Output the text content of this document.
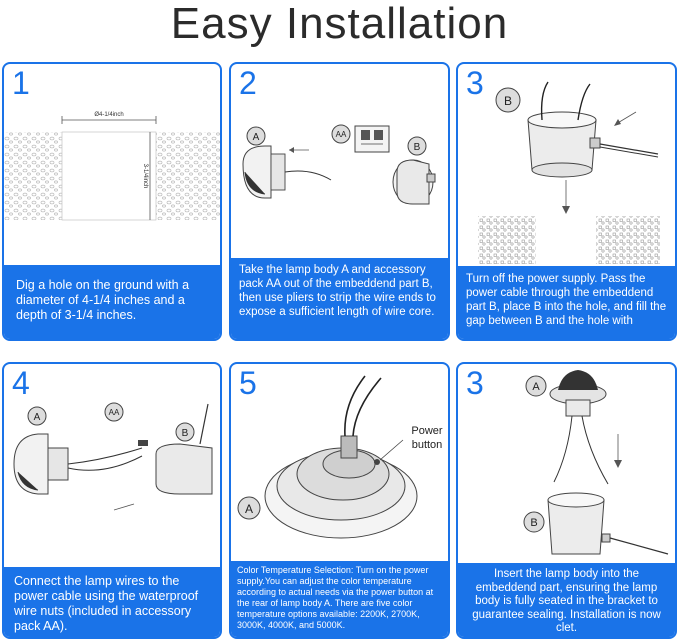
Easy Installation
Ø4-1/4inch
3-1/4inch
1
Dig a hole on the ground with a diameter of 4-1/4 inches and a depth of 3-1/4 inches.
A	AA
B
2
Take the lamp body A and accessory pack AA out of the embeddend part B, then use pliers to strip the wire ends to expose a sufficient length of wire core.
B
3
Turn off the power supply. Pass the power cable through the embeddend part B, place B into the hole, and fill the gap between B and the hole with
A	AA
B
4
Connect the lamp wires to the power cable using the waterproof wire nuts (included in accessory pack AA).
Power
button
A
5
Color Temperature Selection: Turn on the power supply.You can adjust the color temperature according to actual needs via the power button at the rear of lamp body A. There are five color temperature options available: 2200K, 2700K, 3000K, 4000K, and 5000K.
A
B
3
Insert the lamp body into the embeddend part, ensuring the lamp body is fully seated in the bracket to guarantee sealing. Installation is now clet.
